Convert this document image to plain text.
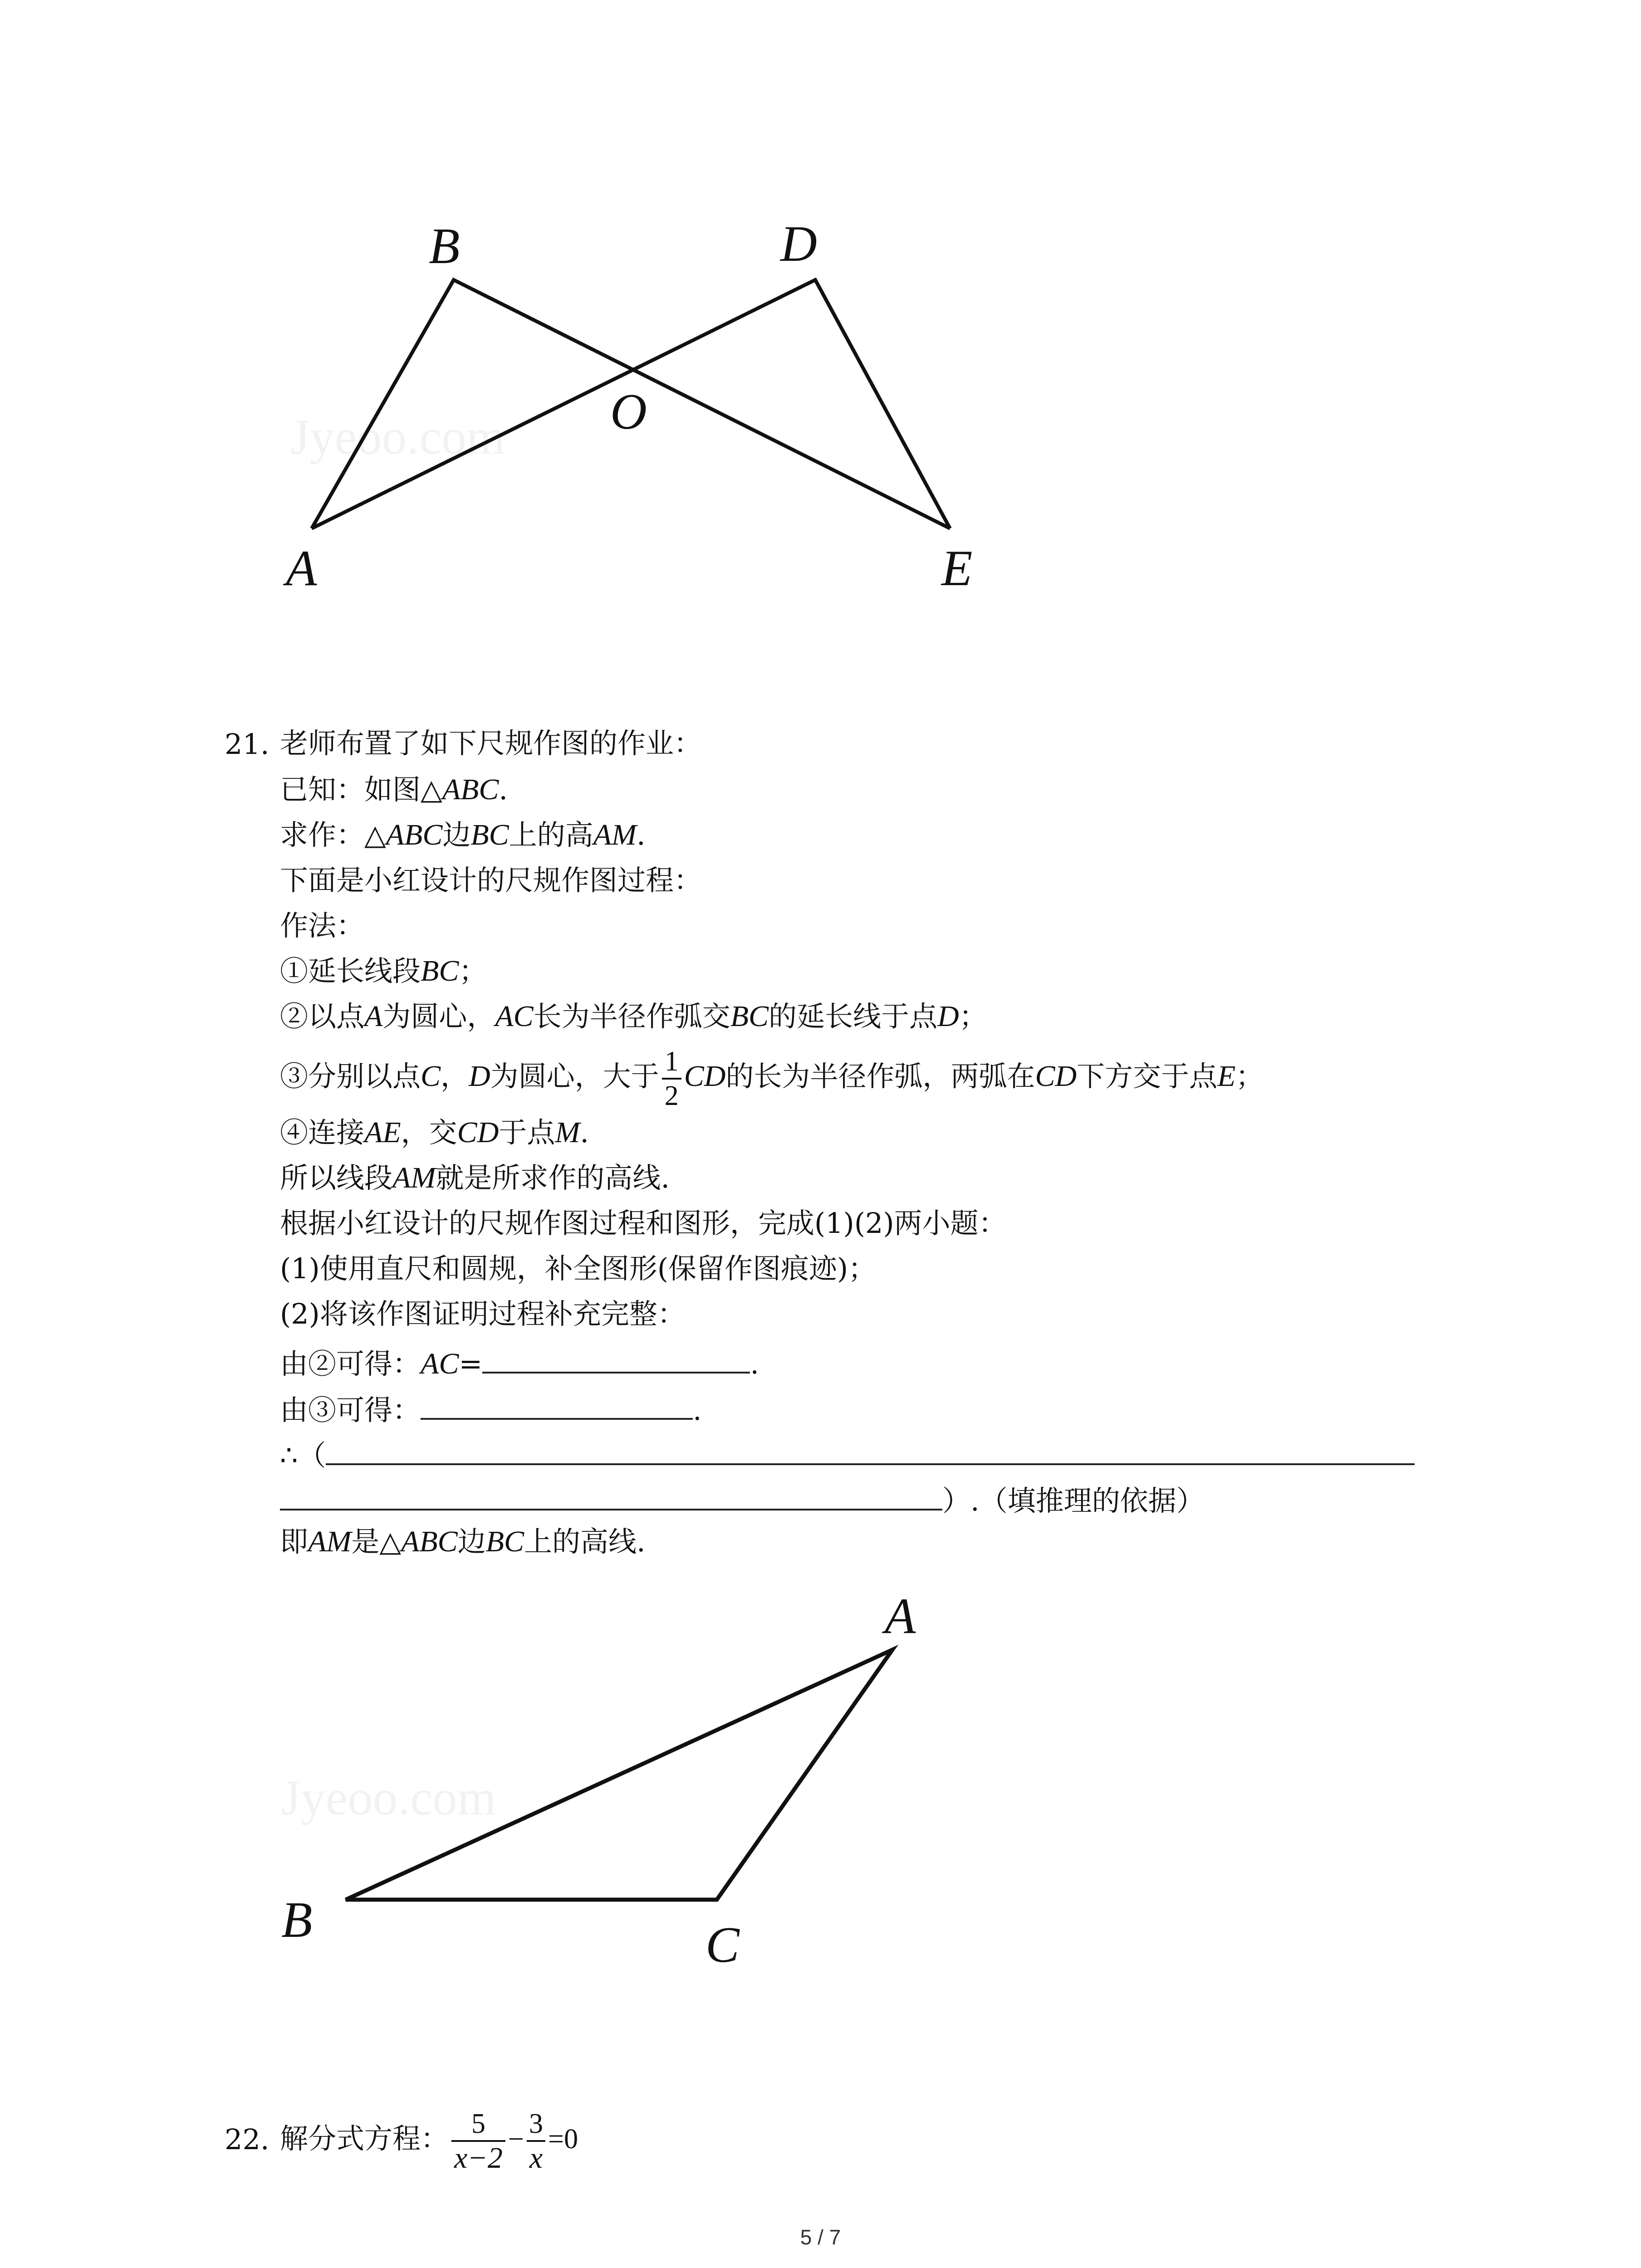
Jyeoo.com
B	D
O
A	E
21. 老师布置了如下尺规作图的作业：
已知：如图△ABC.
求作：△ABC边BC上的高AM.
下面是小红设计的尺规作图过程：
作法：
①延长线段BC；
②以点A为圆心，AC长为半径作弧交BC的延长线于点D；
③分别以点C，D为圆心，大于 $\frac{1}{2}$ CD的长为半径作弧，两弧在CD下方交于点E；
④连接AE，交CD于点M.
所以线段AM就是所求作的高线.
根据小红设计的尺规作图过程和图形，完成(1)(2)两小题：
(1)使用直尺和圆规，补全图形(保留作图痕迹)；
(2)将该作图证明过程补充完整：
由②可得：AC=	.
由③可得：	.
∴（
）.（填推理的依据）
即AM是△ABC边BC上的高线.
Jyeoo.com
A
B	C
22. 解分式方程： $\frac{5}{x-2} - \frac{3}{x} =0$
5 / 7
